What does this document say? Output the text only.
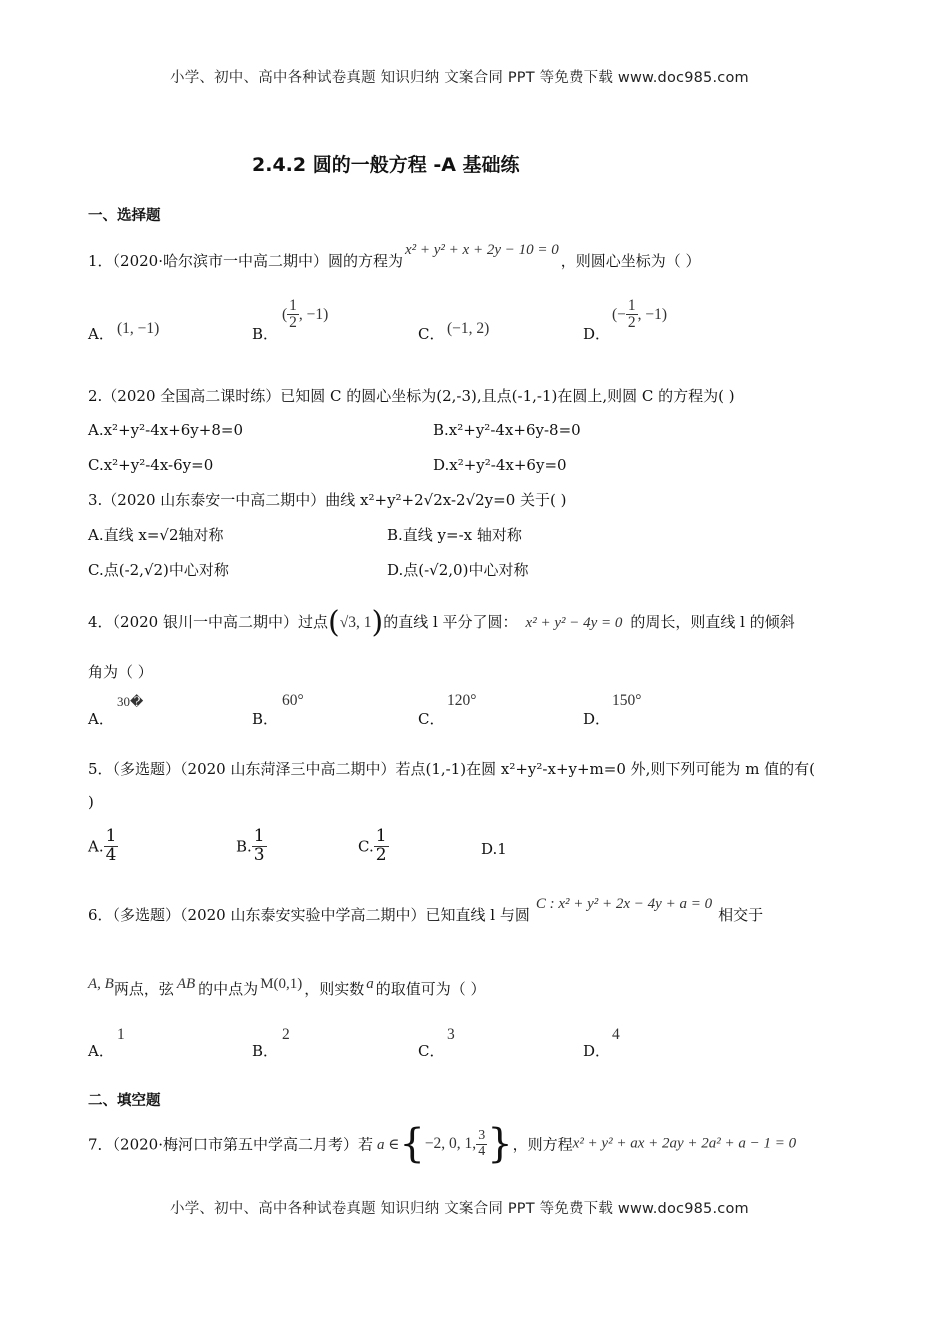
小学、初中、高中各种试卷真题 知识归纳 文案合同 PPT 等免费下载 www.doc985.com
2.4.2 圆的一般方程 -A 基础练
一、选择题
1．（2020·哈尔滨市一中高二期中）圆的方程为x² + y² + x + 2y − 10 = 0，则圆心坐标为（ ）
A． (1, −1)	B．
( $\frac{1}{2}$ , −1)
C． (−1, 2)	D．
(− $\frac{1}{2}$ , −1)
2.（2020 全国高二课时练）已知圆 C 的圆心坐标为(2,-3),且点(-1,-1)在圆上,则圆 C 的方程为( )
A.x²+y²-4x+6y+8=0	B.x²+y²-4x+6y-8=0
C.x²+y²-4x-6y=0	D.x²+y²-4x+6y=0
3.（2020 山东泰安一中高二期中）曲线 x²+y²+2√2x-2√2y=0 关于( )
A.直线 x=√2轴对称	B.直线 y=-x 轴对称
C.点(-2,√2)中心对称	D.点(-√2,0)中心对称
4．（2020 银川一中高二期中）过点(√3, 1)的直线 l 平分了圆： x² + y² − 4y = 0 的周长，则直线 l 的倾斜
角为（ ）
A．
30�
B．
60°
C．
120°
D．
150°
5．（多选题）（2020 山东菏泽三中高二期中）若点(1,-1)在圆 x²+y²-x+y+m=0 外,则下列可能为 m 值的有(
)
A. $\frac{1}{4}$	B. $\frac{1}{3}$	C. $\frac{1}{2}$	D.1
6．（多选题）（2020 山东泰安实验中学高二期中）已知直线 l 与圆C : x² + y² + 2x − 4y + a = 0相交于
A, B两点，弦 AB 的中点为 M(0,1) ，则实数 a 的取值可为（ ）
A．
1
B．
2
C．
3
D．
4
二、填空题
7．（2020·梅河口市第五中学高二月考）若 a ∈{−2, 0, 1, $\frac{3}{4}$ }，则方程x² + y² + ax + 2ay + 2a² + a − 1 = 0
小学、初中、高中各种试卷真题 知识归纳 文案合同 PPT 等免费下载 www.doc985.com
